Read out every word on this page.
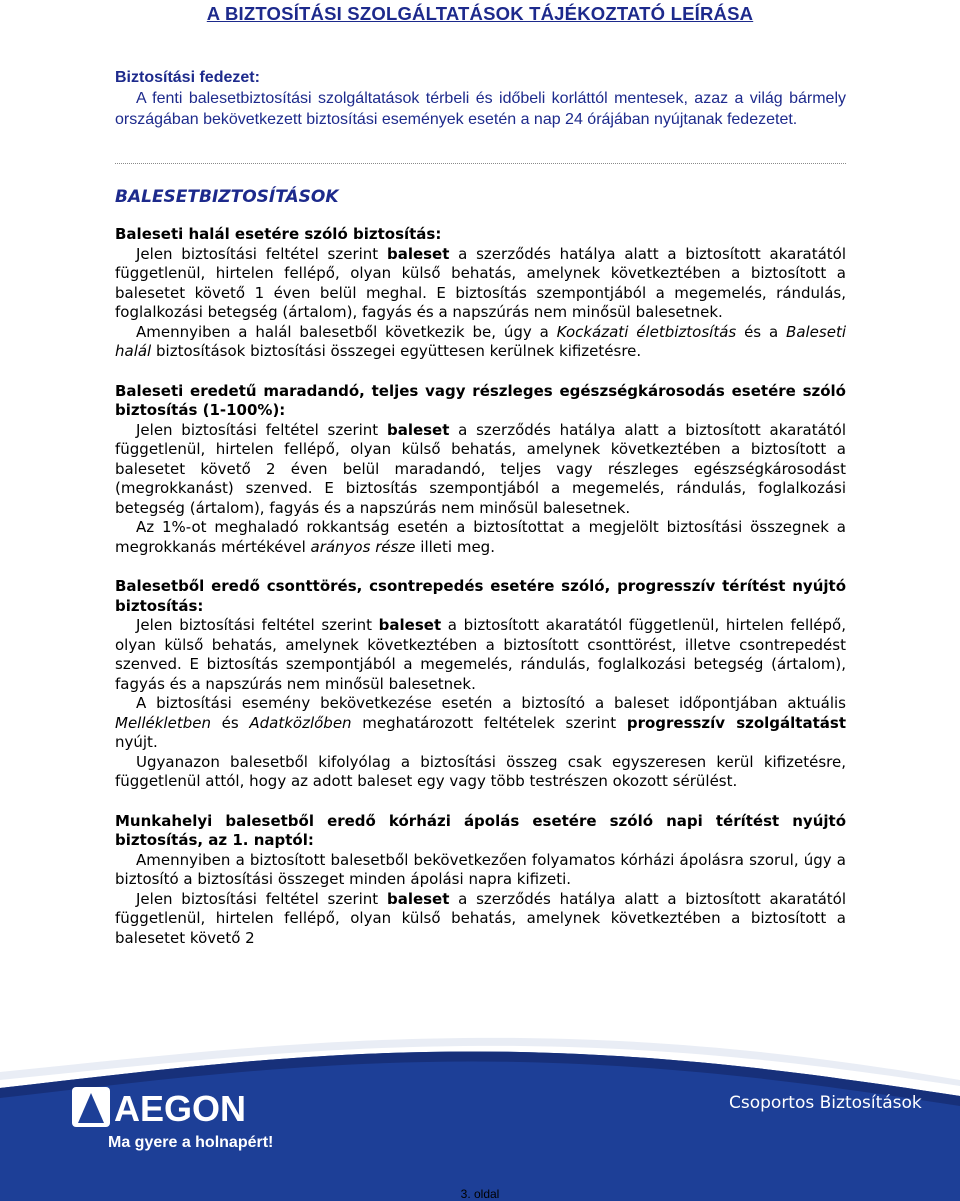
A BIZTOSÍTÁSI SZOLGÁLTATÁSOK TÁJÉKOZTATÓ LEÍRÁSA
Biztosítási fedezet:

A fenti balesetbiztosítási szolgáltatások térbeli és időbeli korláttól mentesek, azaz a világ bármely országában bekövetkezett biztosítási események esetén a nap 24 órájában nyújtanak fedezetet.

BALESETBIZTOSÍTÁSOK
Baleseti halál esetére szóló biztosítás:

Jelen biztosítási feltétel szerint baleset a szerződés hatálya alatt a biztosított akaratától függetlenül, hirtelen fellépő, olyan külső behatás, amelynek következtében a biztosított a balesetet követő 1 éven belül meghal. E biztosítás szempontjából a megemelés, rándulás, foglalkozási betegség (ártalom), fagyás és a napszúrás nem minősül balesetnek.

Amennyiben a halál balesetből következik be, úgy a Kockázati életbiztosítás és a Baleseti halál biztosítások biztosítási összegei együttesen kerülnek kifizetésre.

Baleseti eredetű maradandó, teljes vagy részleges egészségkárosodás esetére szóló biztosítás (1-100%):

Jelen biztosítási feltétel szerint baleset a szerződés hatálya alatt a biztosított akaratától függetlenül, hirtelen fellépő, olyan külső behatás, amelynek következtében a biztosított a balesetet követő 2 éven belül maradandó, teljes vagy részleges egészségkárosodást (megrokkanást) szenved. E biztosítás szempontjából a megemelés, rándulás, foglalkozási betegség (ártalom), fagyás és a napszúrás nem minősül balesetnek.

Az 1%-ot meghaladó rokkantság esetén a biztosítottat a megjelölt biztosítási összegnek a megrokkanás mértékével arányos része illeti meg.

Balesetből eredő csonttörés, csontrepedés esetére szóló, progresszív térítést nyújtó biztosítás:

Jelen biztosítási feltétel szerint baleset a biztosított akaratától függetlenül, hirtelen fellépő, olyan külső behatás, amelynek következtében a biztosított csonttörést, illetve csontrepedést szenved. E biztosítás szempontjából a megemelés, rándulás, foglalkozási betegség (ártalom), fagyás és a napszúrás nem minősül balesetnek.

A biztosítási esemény bekövetkezése esetén a biztosító a baleset időpontjában aktuális Mellékletben és Adatközlőben meghatározott feltételek szerint progresszív szolgáltatást nyújt.

Ugyanazon balesetből kifolyólag a biztosítási összeg csak egyszeresen kerül kifizetésre, függetlenül attól, hogy az adott baleset egy vagy több testrészen okozott sérülést.

Munkahelyi balesetből eredő kórházi ápolás esetére szóló napi térítést nyújtó biztosítás, az 1. naptól:

Amennyiben a biztosított balesetből bekövetkezően folyamatos kórházi ápolásra szorul, úgy a biztosító a biztosítási összeget minden ápolási napra kifizeti.

Jelen biztosítási feltétel szerint baleset a szerződés hatálya alatt a biztosított akaratától függetlenül, hirtelen fellépő, olyan külső behatás, amelynek következtében a biztosított a balesetet követő 2

AEGON
Ma gyere a holnapért!
Csoportos Biztosítások
3. oldal
